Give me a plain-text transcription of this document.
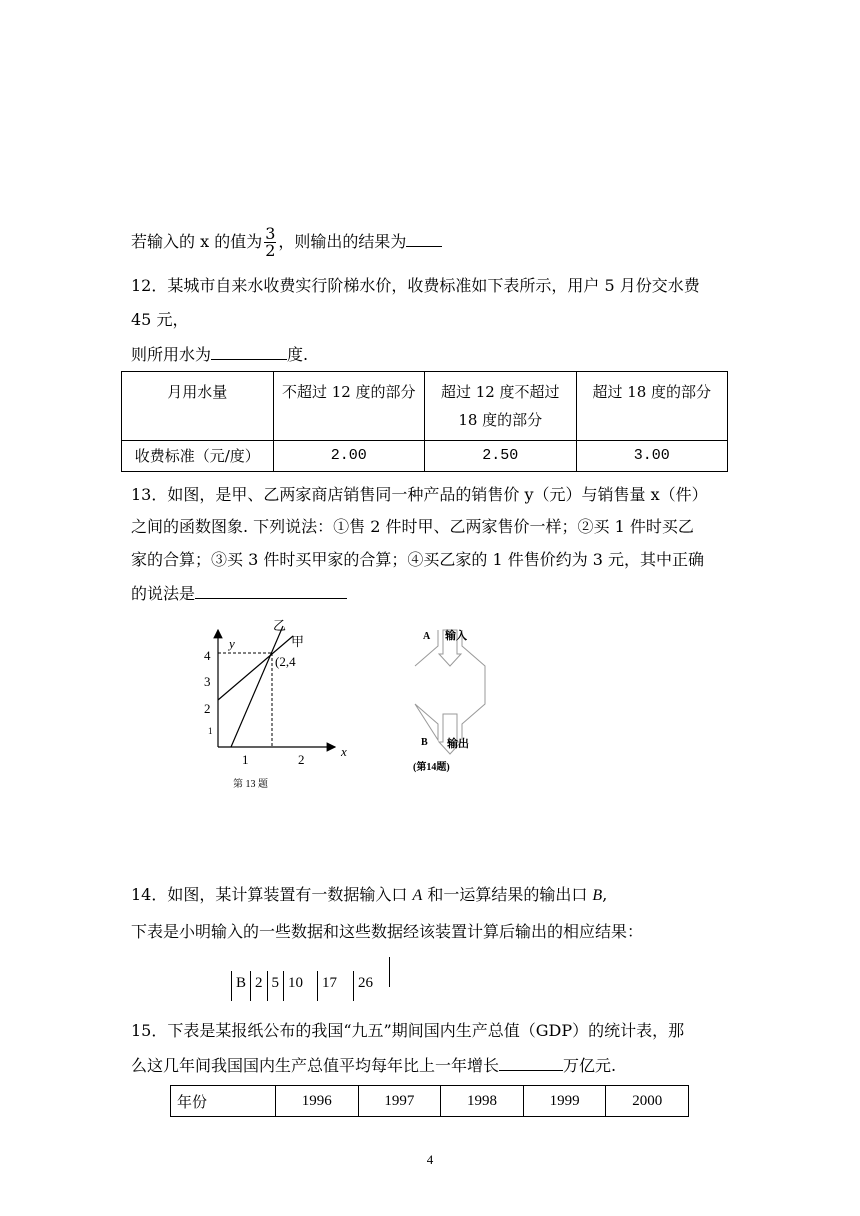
若输入的 x 的值为 $\frac{3}{2}$ ，则输出的结果为
12．某城市自来水收费实行阶梯水价，收费标准如下表所示，用户 5 月份交水费
45 元，
则所用水为	度.
月用水量	不超过 12 度的部分	超过 12 度不超过 18 度的部分	超过 18 度的部分
收费标准（元/度）	2.00	2.50	3.00
13．如图，是甲、乙两家商店销售同一种产品的销售价 y（元）与销售量 x（件）
之间的函数图象. 下列说法：①售 2 件时甲、乙两家售价一样；②买 1 件时买乙
家的合算；③买 3 件时买甲家的合算；④买乙家的 1 件售价约为 3 元，其中正确
的说法是
y
x
4
3
2
1
1	2
乙
甲
(2,4
第 13 题
A 输入
B 输出
(第14题)
14．如图，某计算装置有一数据输入口 A 和一运算结果的输出口 B,
下表是小明输入的一些数据和这些数据经该装置计算后输出的相应结果：
B 2 5 10 17 26
15．下表是某报纸公布的我国“九五”期间国内生产总值（GDP）的统计表，那
么这几年间我国国内生产总值平均每年比上一年增长	万亿元.
年份	1996	1997	1998	1999	2000
4
